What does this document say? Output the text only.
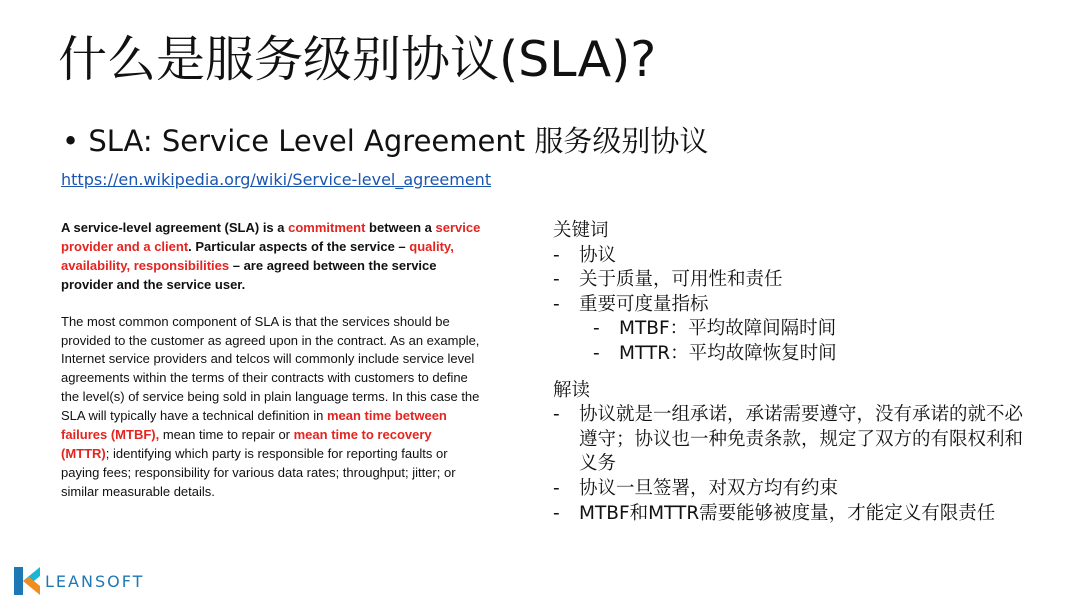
什么是服务级别协议(SLA)?
• SLA: Service Level Agreement 服务级别协议
https://en.wikipedia.org/wiki/Service-level_agreement

A service-level agreement (SLA) is a commitment between a service provider and a client. Particular aspects of the service – quality, availability, responsibilities – are agreed between the service provider and the service user.

The most common component of SLA is that the services should be provided to the customer as agreed upon in the contract. As an example, Internet service providers and telcos will commonly include service level agreements within the terms of their contracts with customers to define the level(s) of service being sold in plain language terms. In this case the SLA will typically have a technical definition in mean time between failures (MTBF), mean time to repair or mean time to recovery (MTTR); identifying which party is responsible for reporting faults or paying fees; responsibility for various data rates; throughput; jitter; or similar measurable details.

关键词

- 协议

- 关于质量，可用性和责任

- 重要可度量指标

- MTBF：平均故障间隔时间

- MTTR：平均故障恢复时间

解读

- 协议就是一组承诺，承诺需要遵守，没有承诺的就不必遵守；协议也一种免责条款，规定了双方的有限权利和义务

- 协议一旦签署，对双方均有约束

- MTBF和MTTR需要能够被度量，才能定义有限责任

LEANSOFT
